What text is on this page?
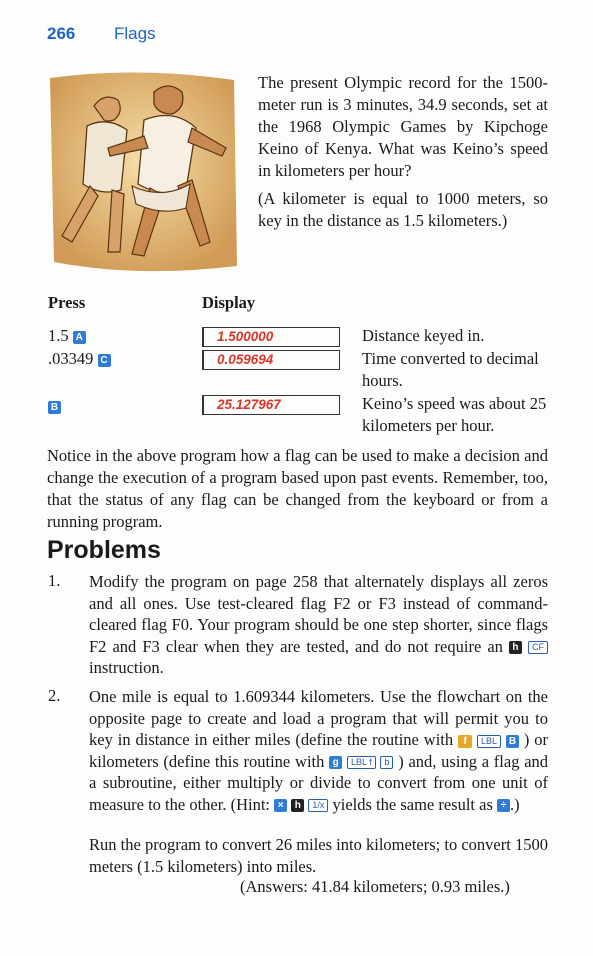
266 Flags

The present Olympic record for the 1500-meter run is 3 minutes, 34.9 seconds, set at the 1968 Olympic Games by Kipchoge Keino of Kenya. What was Keino’s speed in kilometers per hour?

(A kilometer is equal to 1000 meters, so key in the distance as 1.5 kilometers.)

Press	Display
1.5 A	1.500000	Distance keyed in.

.03349 C	0.059694	Time converted to decimal hours.

B	25.127967	Keino’s speed was about 25 kilometers per hour.

Notice in the above program how a flag can be used to make a decision and change the execution of a program based upon past events. Remember, too, that the status of any flag can be changed from the keyboard or from a running program.

Problems
1. Modify the program on page 258 that alternately displays all zeros and all ones. Use test-cleared flag F2 or F3 instead of command-cleared flag F0. Your program should be one step shorter, since flags F2 and F3 clear when they are tested, and do not require an h CF instruction.

2. One mile is equal to 1.609344 kilometers. Use the flowchart on the opposite page to create and load a program that will permit you to key in distance in either miles (define the routine with f LBL B ) or kilometers (define this routine with g LBL f b ) and, using a flag and a subroutine, either multiply or divide to convert from one unit of measure to the other. (Hint: × h 1/x yields the same result as ÷ .)

Run the program to convert 26 miles into kilometers; to convert 1500 meters (1.5 kilometers) into miles.

(Answers: 41.84 kilometers; 0.93 miles.)
